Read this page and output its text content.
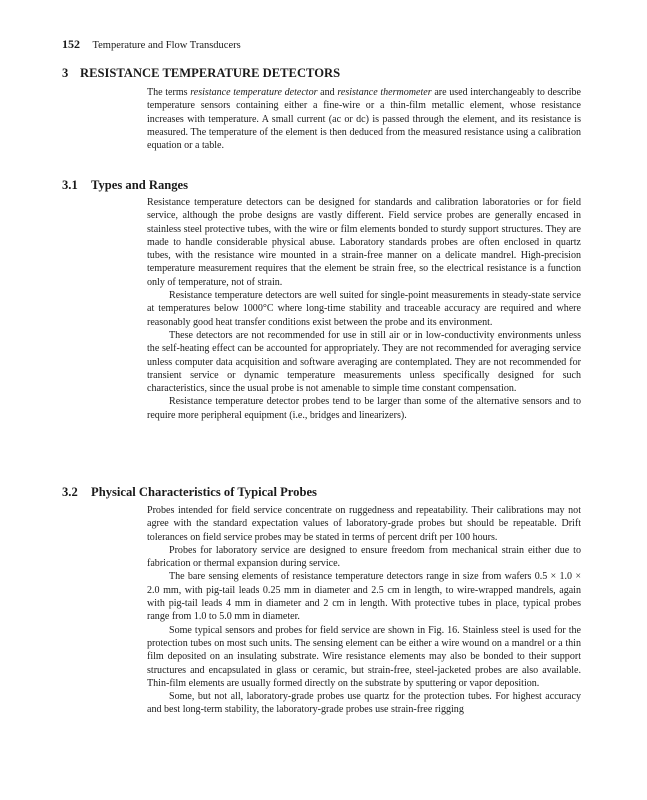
152 Temperature and Flow Transducers
3 RESISTANCE TEMPERATURE DETECTORS

The terms resistance temperature detector and resistance thermometer are used interchangeably to describe temperature sensors containing either a fine-wire or a thin-film metallic element, whose resistance increases with temperature. A small current (ac or dc) is passed through the element, and its resistance is measured. The temperature of the element is then deduced from the measured resistance using a calibration equation or a table.

3.1 Types and Ranges

Resistance temperature detectors can be designed for standards and calibration laboratories or for field service, although the probe designs are vastly different. Field service probes are generally encased in stainless steel protective tubes, with the wire or film elements bonded to sturdy support structures. They are made to handle considerable physical abuse. Laboratory standards probes are often enclosed in quartz tubes, with the resistance wire mounted in a strain-free manner on a delicate mandrel. High-precision temperature measurement requires that the element be strain free, so the electrical resistance is a function only of temperature, not of strain.

Resistance temperature detectors are well suited for single-point measurements in steady-state service at temperatures below 1000°C where long-time stability and traceable accuracy are required and where reasonably good heat transfer conditions exist between the probe and its environment.

These detectors are not recommended for use in still air or in low-conductivity environments unless the self-heating effect can be accounted for appropriately. They are not recommended for averaging service unless computer data acquisition and software averaging are contemplated. They are not recommended for transient service or dynamic temperature measurements unless specifically designed for such characteristics, since the usual probe is not amenable to simple time constant compensation.

Resistance temperature detector probes tend to be larger than some of the alternative sensors and to require more peripheral equipment (i.e., bridges and linearizers).

3.2 Physical Characteristics of Typical Probes

Probes intended for field service concentrate on ruggedness and repeatability. Their calibrations may not agree with the standard expectation values of laboratory-grade probes but should be repeatable. Drift tolerances on field service probes may be stated in terms of percent drift per 100 hours.

Probes for laboratory service are designed to ensure freedom from mechanical strain either due to fabrication or thermal expansion during service.

The bare sensing elements of resistance temperature detectors range in size from wafers 0.5 × 1.0 × 2.0 mm, with pig-tail leads 0.25 mm in diameter and 2.5 cm in length, to wire-wrapped mandrels, again with pig-tail leads 4 mm in diameter and 2 cm in length. With protective tubes in place, typical probes range from 1.0 to 5.0 mm in diameter.

Some typical sensors and probes for field service are shown in Fig. 16. Stainless steel is used for the protection tubes on most such units. The sensing element can be either a wire wound on a mandrel or a thin film deposited on an insulating substrate. Wire resistance elements may also be bonded to their support structures and encapsulated in glass or ceramic, but strain-free, steel-jacketed probes are also available. Thin-film elements are usually formed directly on the substrate by sputtering or vapor deposition.

Some, but not all, laboratory-grade probes use quartz for the protection tubes. For highest accuracy and best long-term stability, the laboratory-grade probes use strain-free rigging
